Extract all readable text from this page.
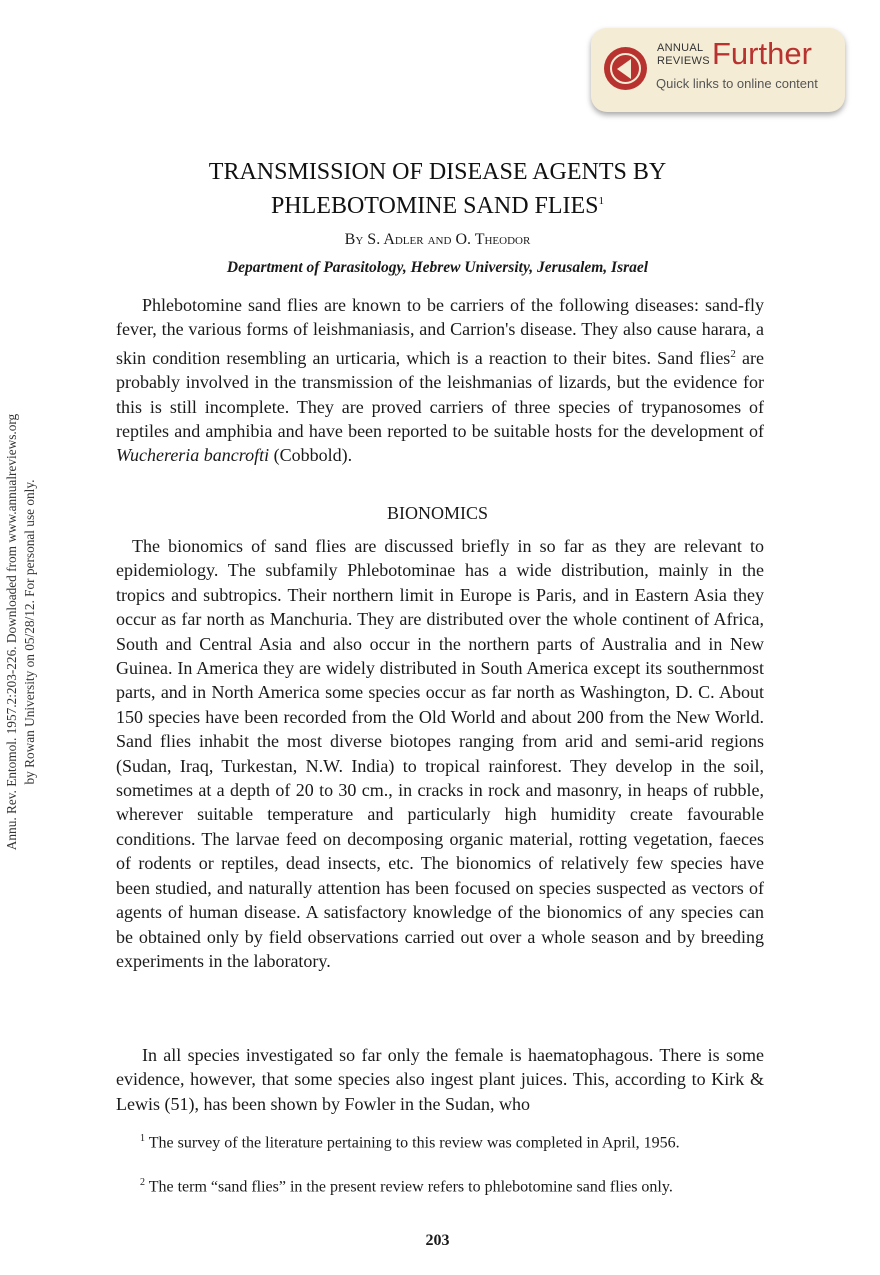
ANNUAL
REVIEWS Further
Quick links to online content
Annu. Rev. Entomol. 1957.2:203-226. Downloaded from www.annualreviews.org by Rowan University on 05/28/12. For personal use only.
TRANSMISSION OF DISEASE AGENTS BY
PHLEBOTOMINE SAND FLIES$^1$
By S. Adler and O. Theodor
Department of Parasitology, Hebrew University, Jerusalem, Israel
Phlebotomine sand flies are known to be carriers of the following diseases: sand-fly fever, the various forms of leishmaniasis, and Carrion's disease. They also cause harara, a skin condition resembling an urticaria, which is a reaction to their bites. Sand flies$^2$ are probably involved in the transmission of the leishmanias of lizards, but the evidence for this is still incomplete. They are proved carriers of three species of trypanosomes of reptiles and amphibia and have been reported to be suitable hosts for the development of Wuchereria bancrofti (Cobbold).
BIONOMICS
The bionomics of sand flies are discussed briefly in so far as they are relevant to epidemiology. The subfamily Phlebotominae has a wide distribution, mainly in the tropics and subtropics. Their northern limit in Europe is Paris, and in Eastern Asia they occur as far north as Manchuria. They are distributed over the whole continent of Africa, South and Central Asia and also occur in the northern parts of Australia and in New Guinea. In America they are widely distributed in South America except its southernmost parts, and in North America some species occur as far north as Washington, D. C. About 150 species have been recorded from the Old World and about 200 from the New World. Sand flies inhabit the most diverse biotopes ranging from arid and semi-arid regions (Sudan, Iraq, Turkestan, N.W. India) to tropical rainforest. They develop in the soil, sometimes at a depth of 20 to 30 cm., in cracks in rock and masonry, in heaps of rubble, wherever suitable temperature and particularly high humidity create favourable conditions. The larvae feed on decomposing organic material, rotting vegetation, faeces of rodents or reptiles, dead insects, etc. The bionomics of relatively few species have been studied, and naturally attention has been focused on species suspected as vectors of agents of human disease. A satisfactory knowledge of the bionomics of any species can be obtained only by field observations carried out over a whole season and by breeding experiments in the laboratory.
In all species investigated so far only the female is haematophagous. There is some evidence, however, that some species also ingest plant juices. This, according to Kirk & Lewis (51), has been shown by Fowler in the Sudan, who
$^1$ The survey of the literature pertaining to this review was completed in April, 1956.
$^2$ The term “sand flies” in the present review refers to phlebotomine sand flies only.
203
